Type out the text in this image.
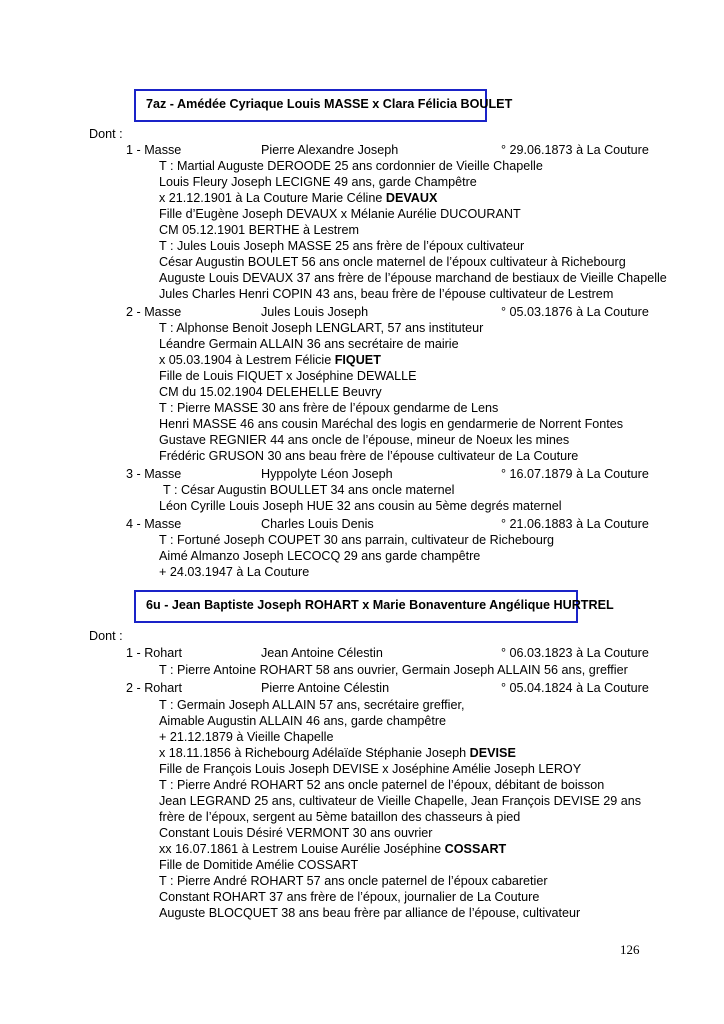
7az - Amédée Cyriaque Louis MASSE x Clara Félicia BOULET
Dont :
1 - Masse	Pierre Alexandre Joseph	° 29.06.1873 à La Couture
T : Martial Auguste DEROODE 25 ans cordonnier de Vieille Chapelle
Louis Fleury Joseph LECIGNE 49 ans, garde Champêtre
x 21.12.1901 à La Couture Marie Céline DEVAUX
Fille d’Eugène Joseph DEVAUX x Mélanie Aurélie DUCOURANT
CM 05.12.1901 BERTHE à Lestrem
T : Jules Louis Joseph MASSE 25 ans frère de l’époux cultivateur
César Augustin BOULET 56 ans oncle maternel de l’époux cultivateur à Richebourg
Auguste Louis DEVAUX 37 ans frère de l’épouse marchand de bestiaux de Vieille Chapelle
Jules Charles Henri COPIN 43 ans, beau frère de l’épouse cultivateur de Lestrem
2 - Masse	Jules Louis Joseph	° 05.03.1876 à La Couture
T : Alphonse Benoit Joseph LENGLART, 57 ans instituteur
Léandre Germain ALLAIN 36 ans secrétaire de mairie
x 05.03.1904 à Lestrem Félicie FIQUET
Fille de Louis FIQUET x Joséphine DEWALLE
CM du 15.02.1904 DELEHELLE Beuvry
T : Pierre MASSE 30 ans frère de l’époux gendarme de Lens
Henri MASSE 46 ans cousin Maréchal des logis en gendarmerie de Norrent Fontes
Gustave REGNIER 44 ans oncle de l’épouse, mineur de Noeux les mines
Frédéric GRUSON 30 ans beau frère de l’épouse cultivateur de La Couture
3 - Masse	Hyppolyte Léon Joseph	° 16.07.1879 à La Couture
T : César Augustin BOULLET 34 ans oncle maternel
Léon Cyrille Louis Joseph HUE 32 ans cousin au 5ème degrés maternel
4 - Masse	Charles Louis Denis	° 21.06.1883 à La Couture
T : Fortuné Joseph COUPET 30 ans parrain, cultivateur de Richebourg
Aimé Almanzo Joseph LECOCQ 29 ans garde champêtre
+ 24.03.1947 à La Couture
6u - Jean Baptiste Joseph ROHART x Marie Bonaventure Angélique HURTREL
Dont :
1 - Rohart	Jean Antoine Célestin	° 06.03.1823 à La Couture
T : Pierre Antoine ROHART 58 ans ouvrier, Germain Joseph ALLAIN 56 ans, greffier
2 - Rohart	Pierre Antoine Célestin	° 05.04.1824 à La Couture
T : Germain Joseph ALLAIN 57 ans, secrétaire greffier,
Aimable Augustin ALLAIN 46 ans, garde champêtre
+ 21.12.1879 à Vieille Chapelle
x 18.11.1856 à Richebourg Adélaïde Stéphanie Joseph DEVISE
Fille de François Louis Joseph DEVISE x Joséphine Amélie Joseph LEROY
T : Pierre André ROHART 52 ans oncle paternel de l’époux, débitant de boisson
Jean LEGRAND 25 ans, cultivateur de Vieille Chapelle, Jean François DEVISE 29 ans
frère de l’époux, sergent au 5ème bataillon des chasseurs à pied
Constant Louis Désiré VERMONT 30 ans ouvrier
xx 16.07.1861 à Lestrem Louise Aurélie Joséphine COSSART
Fille de Domitide Amélie COSSART
T : Pierre André ROHART 57 ans oncle paternel de l’époux cabaretier
Constant ROHART 37 ans frère de l’époux, journalier de La Couture
Auguste BLOCQUET 38 ans beau frère par alliance de l’épouse, cultivateur
126
